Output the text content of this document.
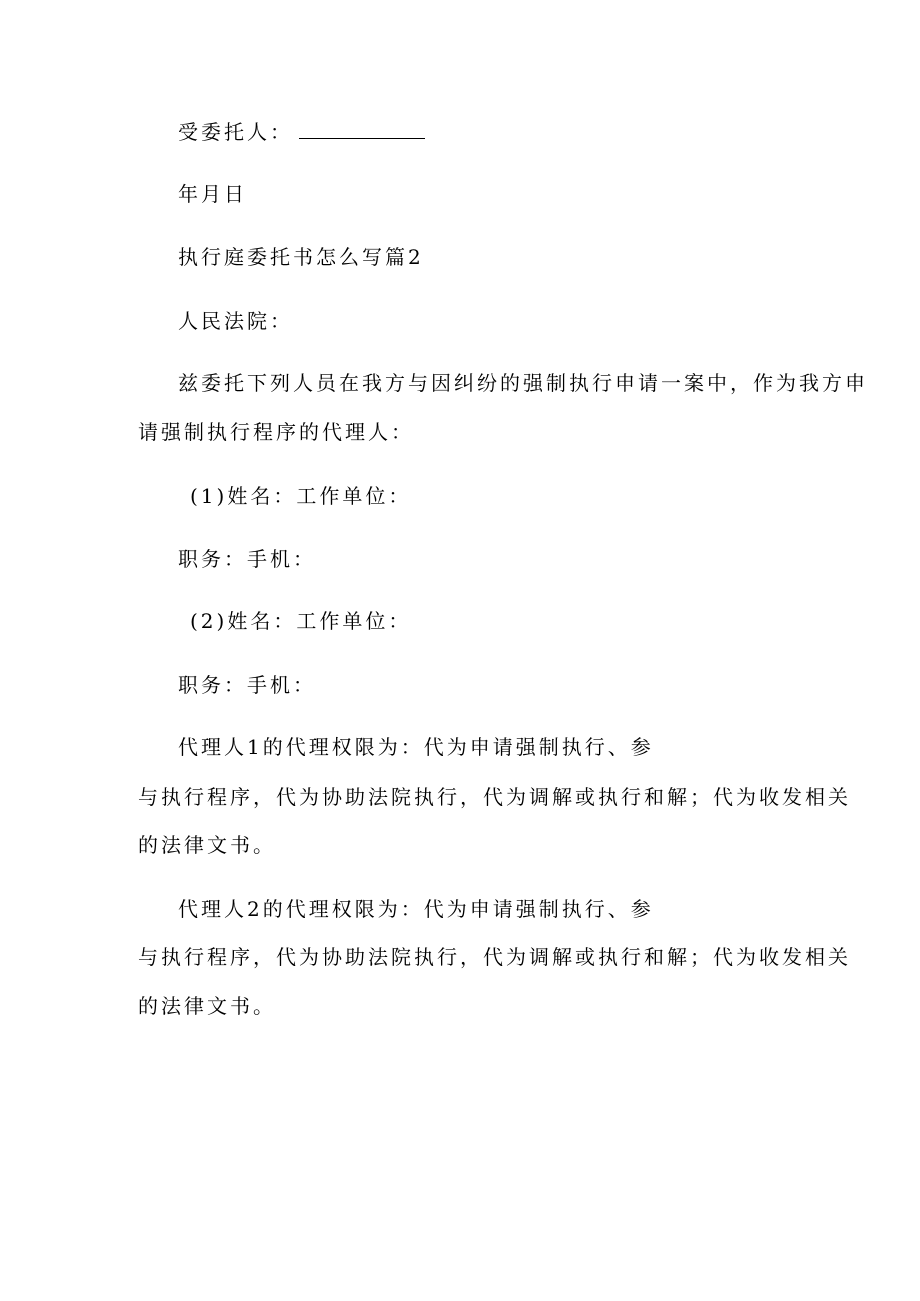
受委托人：
年月日
执行庭委托书怎么写篇2
人民法院：
兹委托下列人员在我方与因纠纷的强制执行申请一案中，作为我方申
请强制执行程序的代理人：
(1)姓名：工作单位：
职务：手机：
(2)姓名：工作单位：
职务：手机：
代理人1的代理权限为：代为申请强制执行、参
与执行程序，代为协助法院执行，代为调解或执行和解；代为收发相关
的法律文书。
代理人2的代理权限为：代为申请强制执行、参
与执行程序，代为协助法院执行，代为调解或执行和解；代为收发相关
的法律文书。
